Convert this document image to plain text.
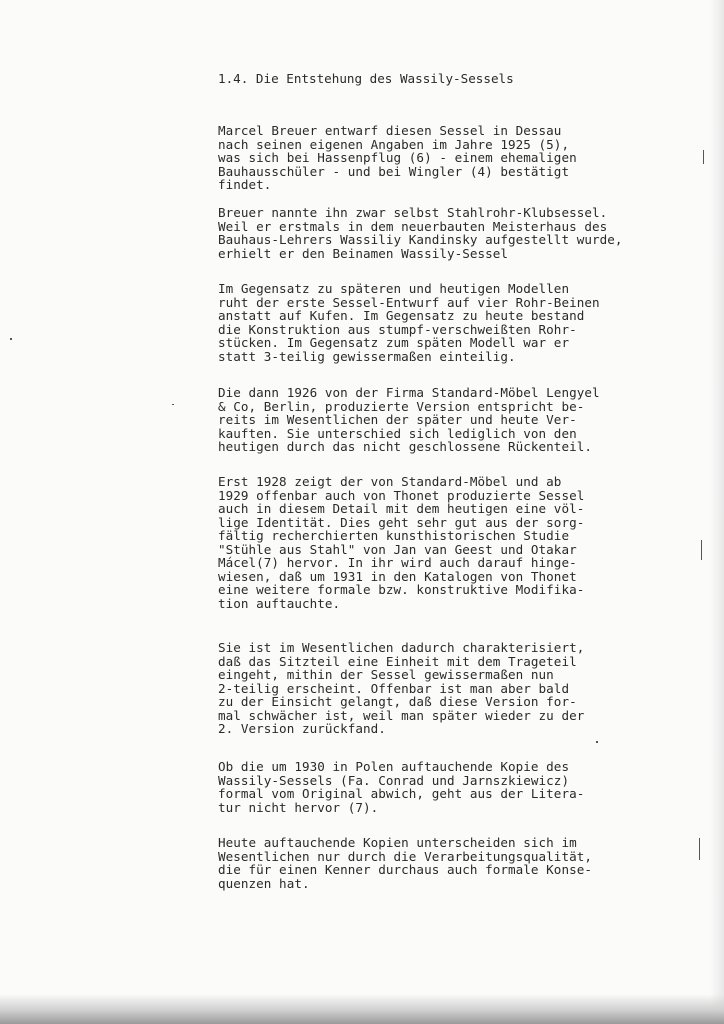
1.4. Die Entstehung des Wassily-Sessels
Marcel Breuer entwarf diesen Sessel in Dessau
nach seinen eigenen Angaben im Jahre 1925 (5),
was sich bei Hassenpflug (6) - einem ehemaligen
Bauhausschüler - und bei Wingler (4) bestätigt
findet.
Breuer nannte ihn zwar selbst Stahlrohr-Klubsessel.
Weil er erstmals in dem neuerbauten Meisterhaus des
Bauhaus-Lehrers Wassiliy Kandinsky aufgestellt wurde,
erhielt er den Beinamen Wassily-Sessel
Im Gegensatz zu späteren und heutigen Modellen
ruht der erste Sessel-Entwurf auf vier Rohr-Beinen
anstatt auf Kufen. Im Gegensatz zu heute bestand
die Konstruktion aus stumpf-verschweißten Rohr-
stücken. Im Gegensatz zum späten Modell war er
statt 3-teilig gewissermaßen einteilig.
Die dann 1926 von der Firma Standard-Möbel Lengyel
& Co, Berlin, produzierte Version entspricht be-
reits im Wesentlichen der später und heute Ver-
kauften. Sie unterschied sich lediglich von den
heutigen durch das nicht geschlossene Rückenteil.
Erst 1928 zeigt der von Standard-Möbel und ab
1929 offenbar auch von Thonet produzierte Sessel
auch in diesem Detail mit dem heutigen eine völ-
lige Identität. Dies geht sehr gut aus der sorg-
fältig recherchierten kunsthistorischen Studie
"Stühle aus Stahl" von Jan van Geest und Otakar
Mácel(7) hervor. In ihr wird auch darauf hinge-
wiesen, daß um 1931 in den Katalogen von Thonet
eine weitere formale bzw. konstruktive Modifika-
tion auftauchte.
Sie ist im Wesentlichen dadurch charakterisiert,
daß das Sitzteil eine Einheit mit dem Trageteil
eingeht, mithin der Sessel gewissermaßen nun
2-teilig erscheint. Offenbar ist man aber bald
zu der Einsicht gelangt, daß diese Version for-
mal schwächer ist, weil man später wieder zu der
2. Version zurückfand.
Ob die um 1930 in Polen auftauchende Kopie des
Wassily-Sessels (Fa. Conrad und Jarnszkiewicz)
formal vom Original abwich, geht aus der Litera-
tur nicht hervor (7).
Heute auftauchende Kopien unterscheiden sich im
Wesentlichen nur durch die Verarbeitungsqualität,
die für einen Kenner durchaus auch formale Konse-
quenzen hat.
